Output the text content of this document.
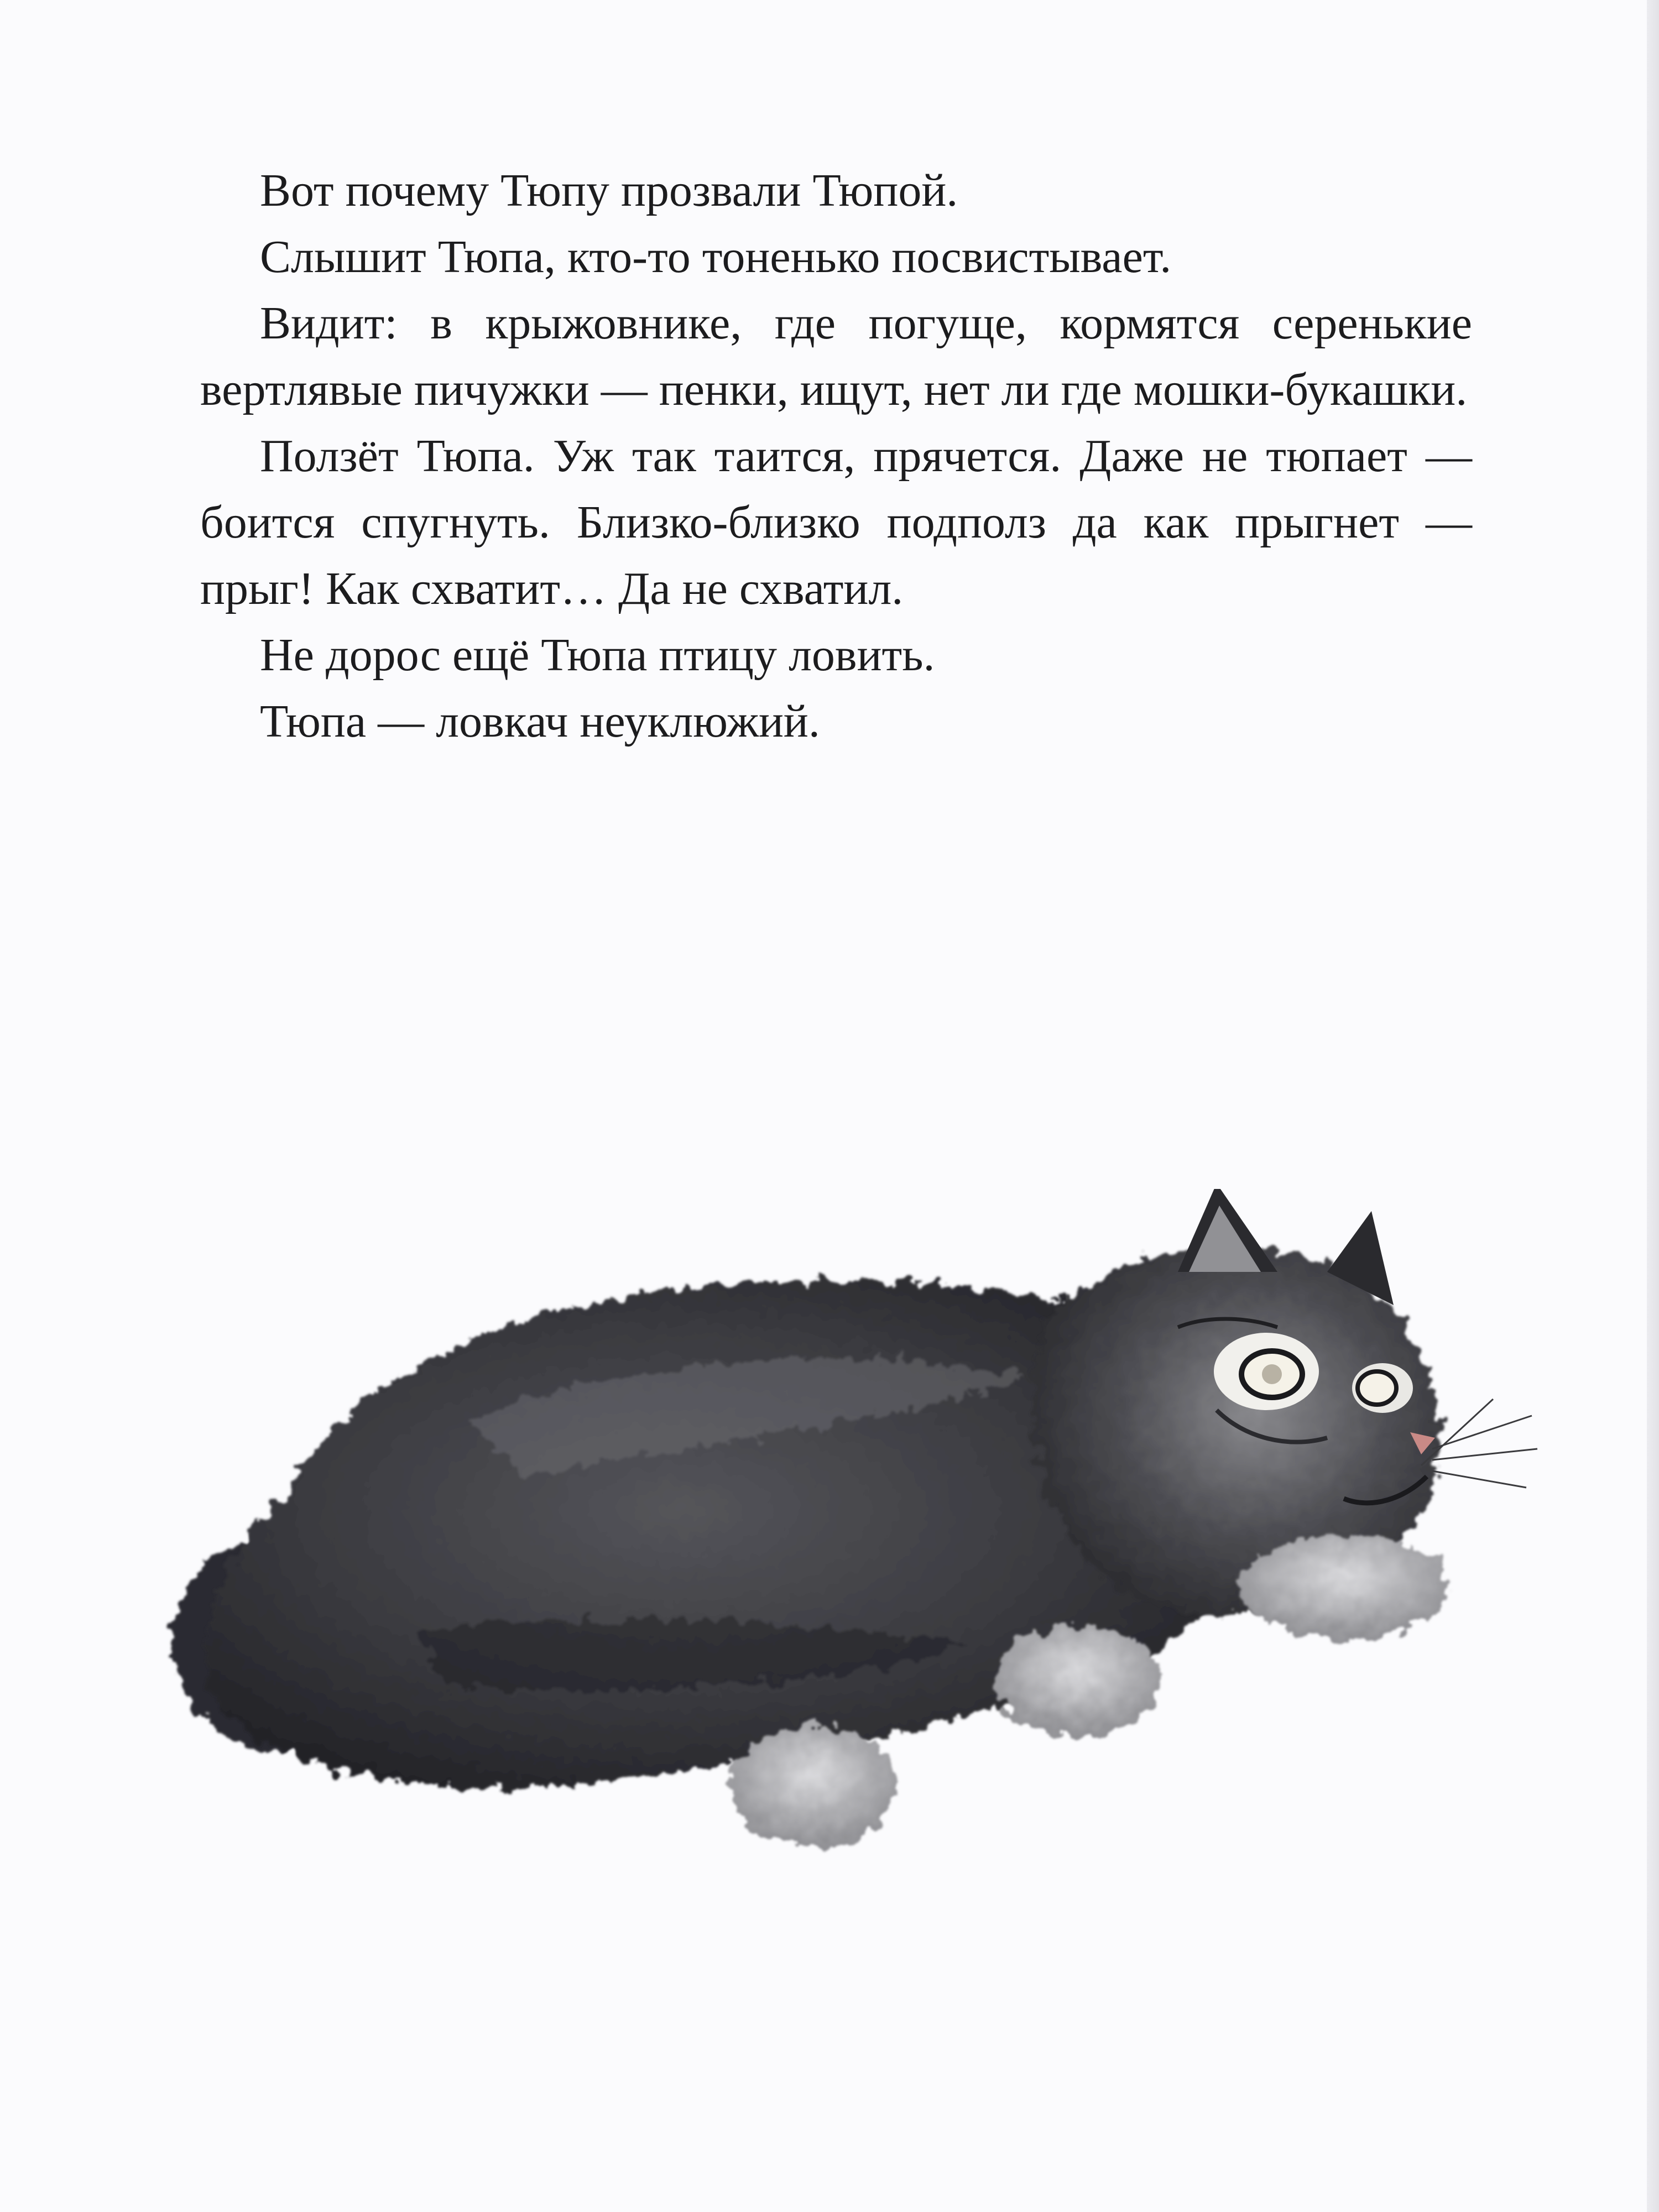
Вот почему Тюпу прозвали Тюпой.

Слышит Тюпа, кто-то тоненько посвистывает.

Видит: в крыжовнике, где погуще, кормятся серенькие вертлявые пичужки — пенки, ищут, нет ли где мошки-букашки.

Ползёт Тюпа. Уж так таится, прячется. Даже не тюпает — боится спугнуть. Близко-близко подполз да как прыгнет — прыг! Как схватит… Да не схватил.

Не дорос ещё Тюпа птицу ловить.

Тюпа — ловкач неуклюжий.
